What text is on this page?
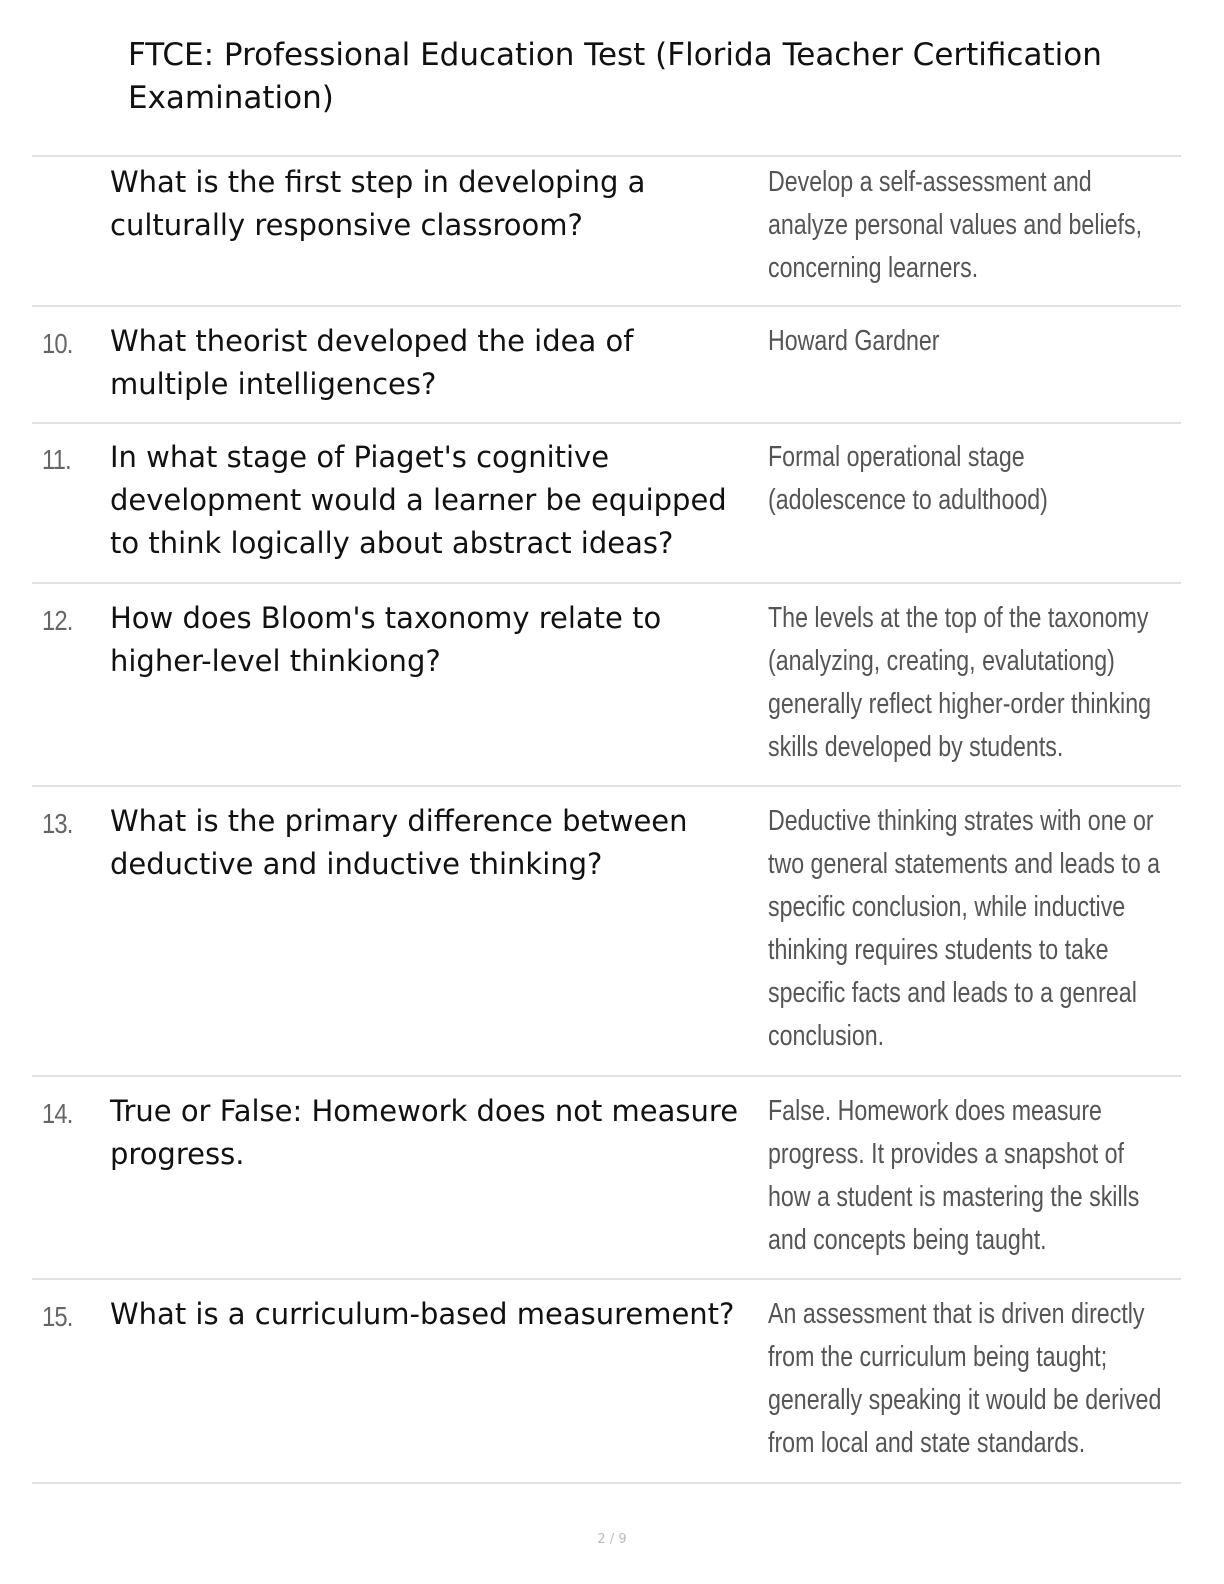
FTCE: Professional Education Test (Florida Teacher Certification Examination)
What is the first step in developing a culturally responsive classroom?
Develop a self-assessment and analyze personal values and beliefs, concerning learners.
10. What theorist developed the idea of multiple intelligences?
Howard Gardner
11. In what stage of Piaget's cognitive development would a learner be equipped to think logically about abstract ideas?
Formal operational stage (adolescence to adulthood)
12. How does Bloom's taxonomy relate to higher-level thinkiong?
The levels at the top of the taxonomy (analyzing, creating, evalutationg) generally reflect higher-order thinking skills developed by students.
13. What is the primary difference between deductive and inductive thinking?
Deductive thinking strates with one or two general statements and leads to a specific conclusion, while inductive thinking requires students to take specific facts and leads to a genreal conclusion.
14. True or False: Homework does not measure progress.
False. Homework does measure progress. It provides a snapshot of how a student is mastering the skills and concepts being taught.
15. What is a curriculum-based measurement?	An assessment that is driven directly from the curriculum being taught; generally speaking it would be derived from local and state standards.
2 / 9
